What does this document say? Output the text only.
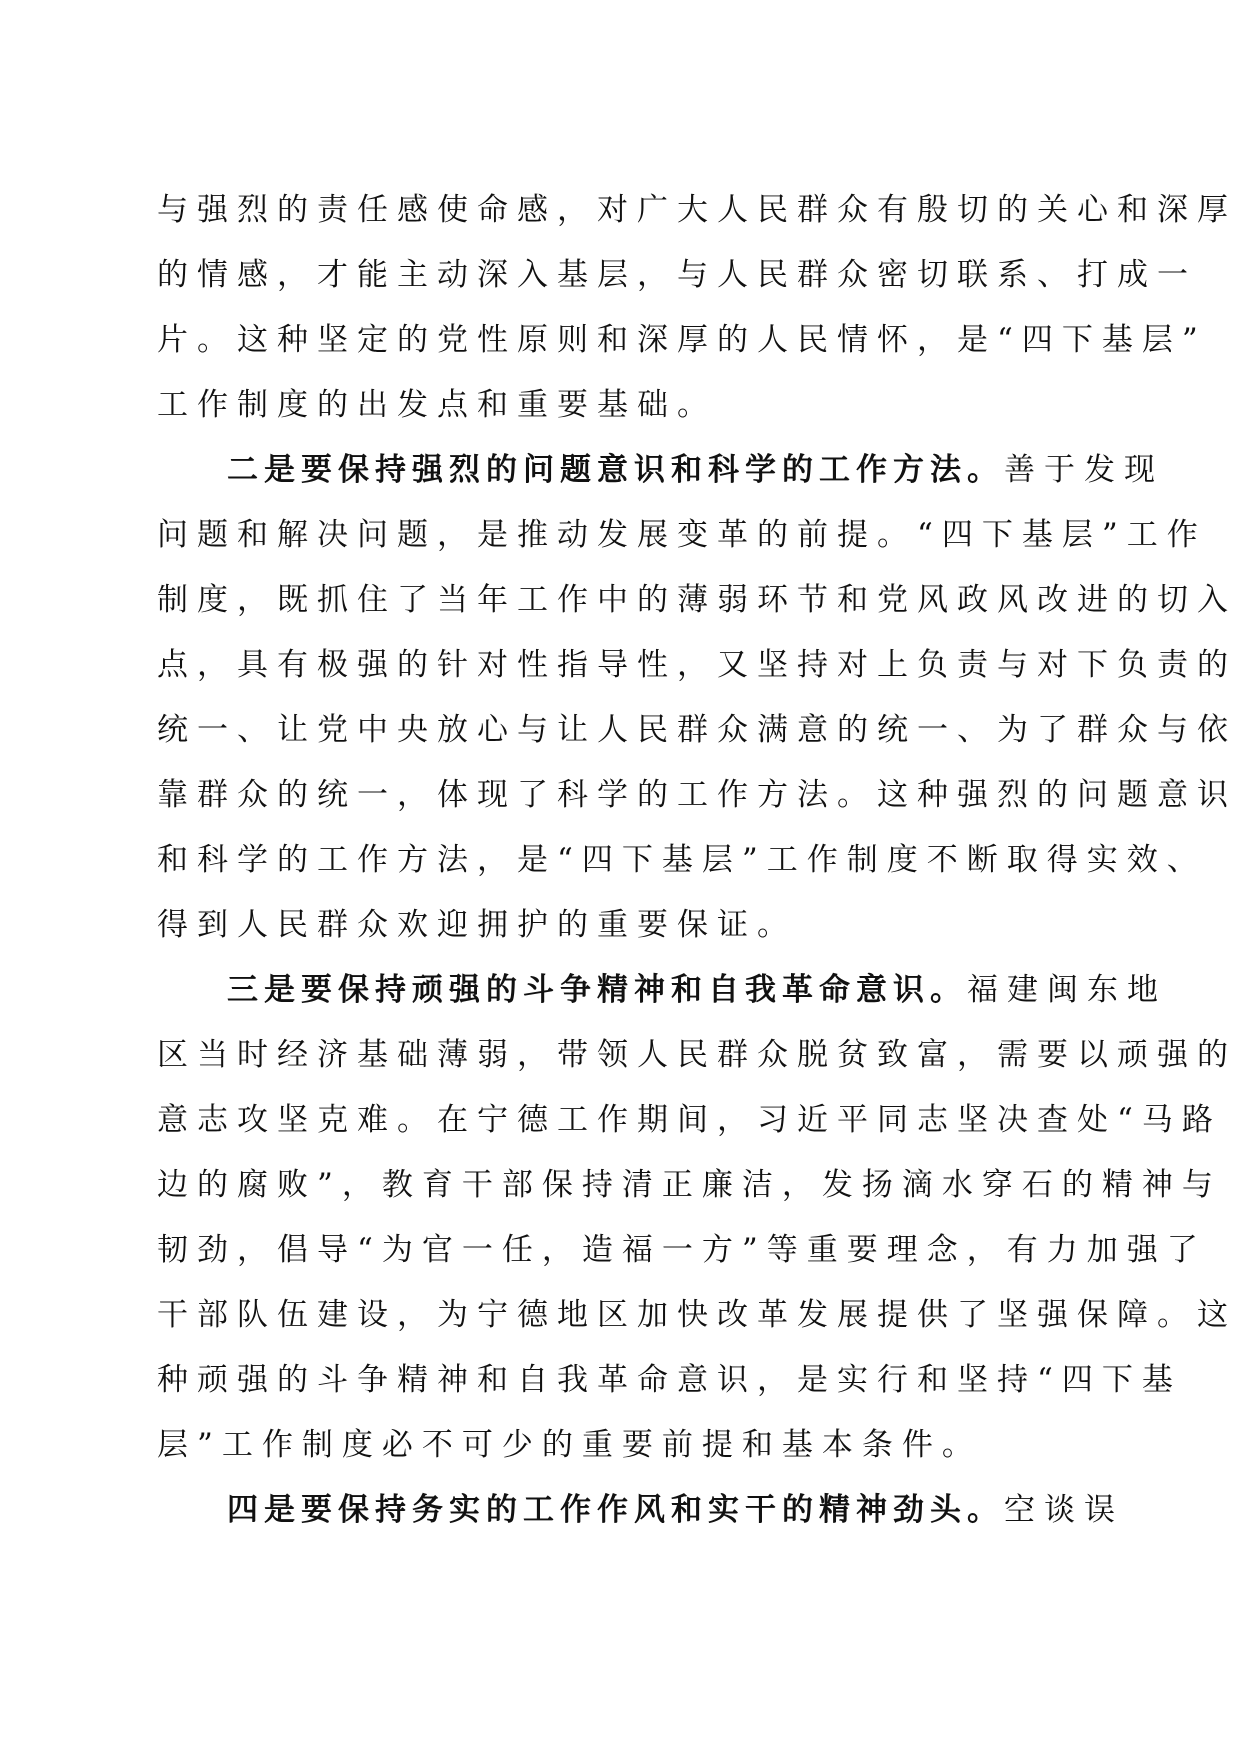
与强烈的责任感使命感，对广大人民群众有殷切的关心和深厚
的情感，才能主动深入基层，与人民群众密切联系、打成一
片。这种坚定的党性原则和深厚的人民情怀，是“四下基层”
工作制度的出发点和重要基础。
二是要保持强烈的问题意识和科学的工作方法。善于发现
问题和解决问题，是推动发展变革的前提。“四下基层”工作
制度，既抓住了当年工作中的薄弱环节和党风政风改进的切入
点，具有极强的针对性指导性，又坚持对上负责与对下负责的
统一、让党中央放心与让人民群众满意的统一、为了群众与依
靠群众的统一，体现了科学的工作方法。这种强烈的问题意识
和科学的工作方法，是“四下基层”工作制度不断取得实效、
得到人民群众欢迎拥护的重要保证。
三是要保持顽强的斗争精神和自我革命意识。福建闽东地
区当时经济基础薄弱，带领人民群众脱贫致富，需要以顽强的
意志攻坚克难。在宁德工作期间，习近平同志坚决查处“马路
边的腐败”，教育干部保持清正廉洁，发扬滴水穿石的精神与
韧劲，倡导“为官一任，造福一方”等重要理念，有力加强了
干部队伍建设，为宁德地区加快改革发展提供了坚强保障。这
种顽强的斗争精神和自我革命意识，是实行和坚持“四下基
层”工作制度必不可少的重要前提和基本条件。
四是要保持务实的工作作风和实干的精神劲头。空谈误
